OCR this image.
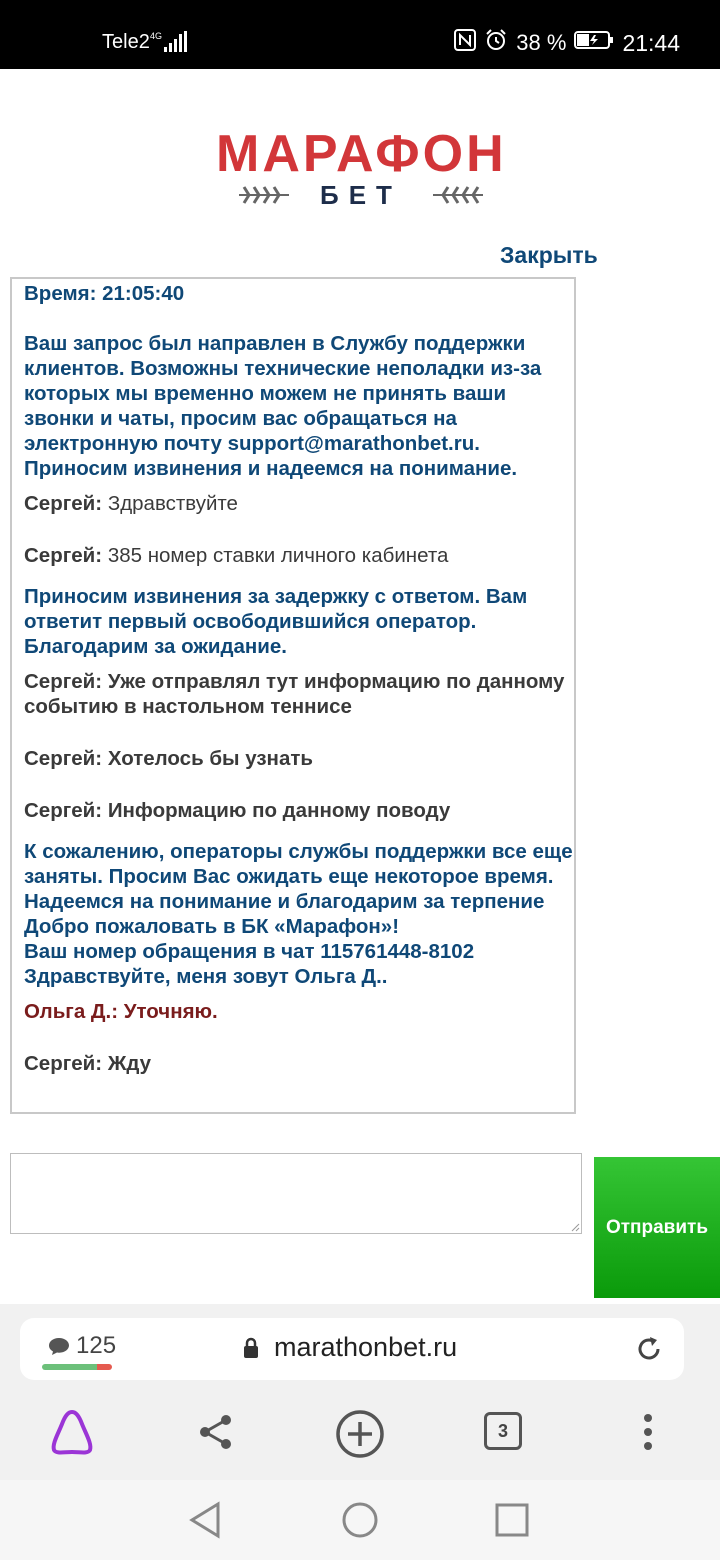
Tele2 4G	38 % 21:44
МАРАФОН
БЕТ
Закрыть

Время: 21:05:40

Ваш запрос был направлен в Службу поддержки клиентов. Возможны технические неполадки из-за которых мы временно можем не принять ваши звонки и чаты, просим вас обращаться на электронную почту support@marathonbet.ru. Приносим извинения и надеемся на понимание.

Сергей: Здравствуйте

Сергей: 385 номер ставки личного кабинета

Приносим извинения за задержку с ответом. Вам ответит первый освободившийся оператор. Благодарим за ожидание.

Сергей: Уже отправлял тут информацию по данному событию в настольном теннисе

Сергей: Хотелось бы узнать

Сергей: Информацию по данному поводу

К сожалению, операторы службы поддержки все еще заняты. Просим Вас ожидать еще некоторое время.
Надеемся на понимание и благодарим за терпение
Добро пожаловать в БК «Марафон»!
Ваш номер обращения в чат 115761448-8102
Здравствуйте, меня зовут Ольга Д..

Ольга Д.: Уточняю.

Сергей: Жду

Отправить
125	marathonbet.ru
3
